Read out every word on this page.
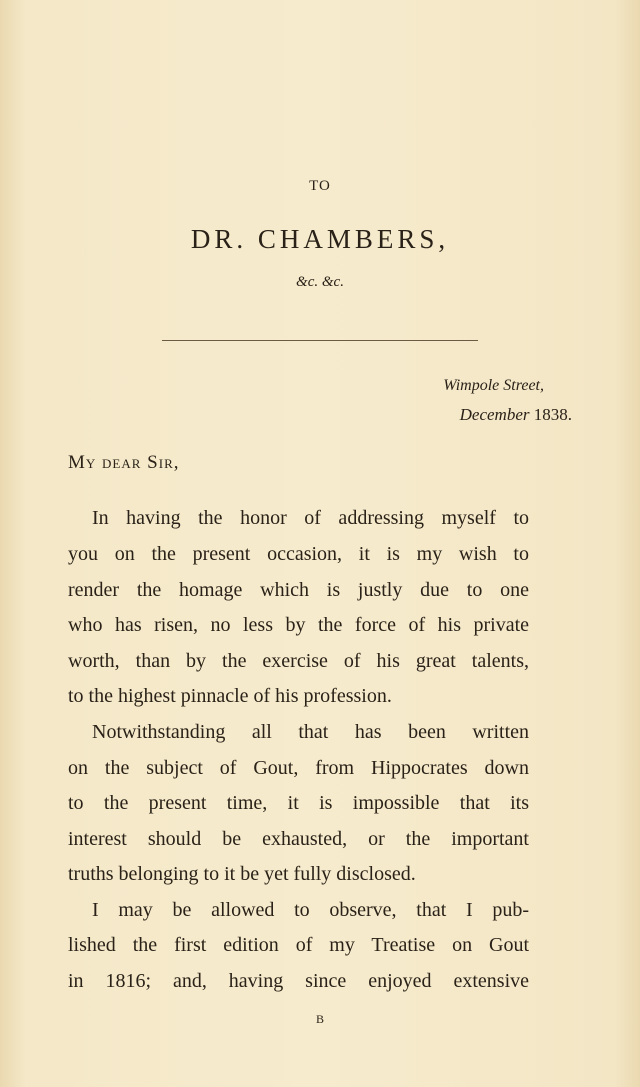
TO
DR. CHAMBERS,
&c. &c.
Wimpole Street,
December 1838.
My dear Sir,
In having the honor of addressing myself to
you on the present occasion, it is my wish to
render the homage which is justly due to one
who has risen, no less by the force of his private
worth, than by the exercise of his great talents,
to the highest pinnacle of his profession.
Notwithstanding all that has been written
on the subject of Gout, from Hippocrates down
to the present time, it is impossible that its
interest should be exhausted, or the important
truths belonging to it be yet fully disclosed.
I may be allowed to observe, that I pub-
lished the first edition of my Treatise on Gout
in 1816; and, having since enjoyed extensive
B
